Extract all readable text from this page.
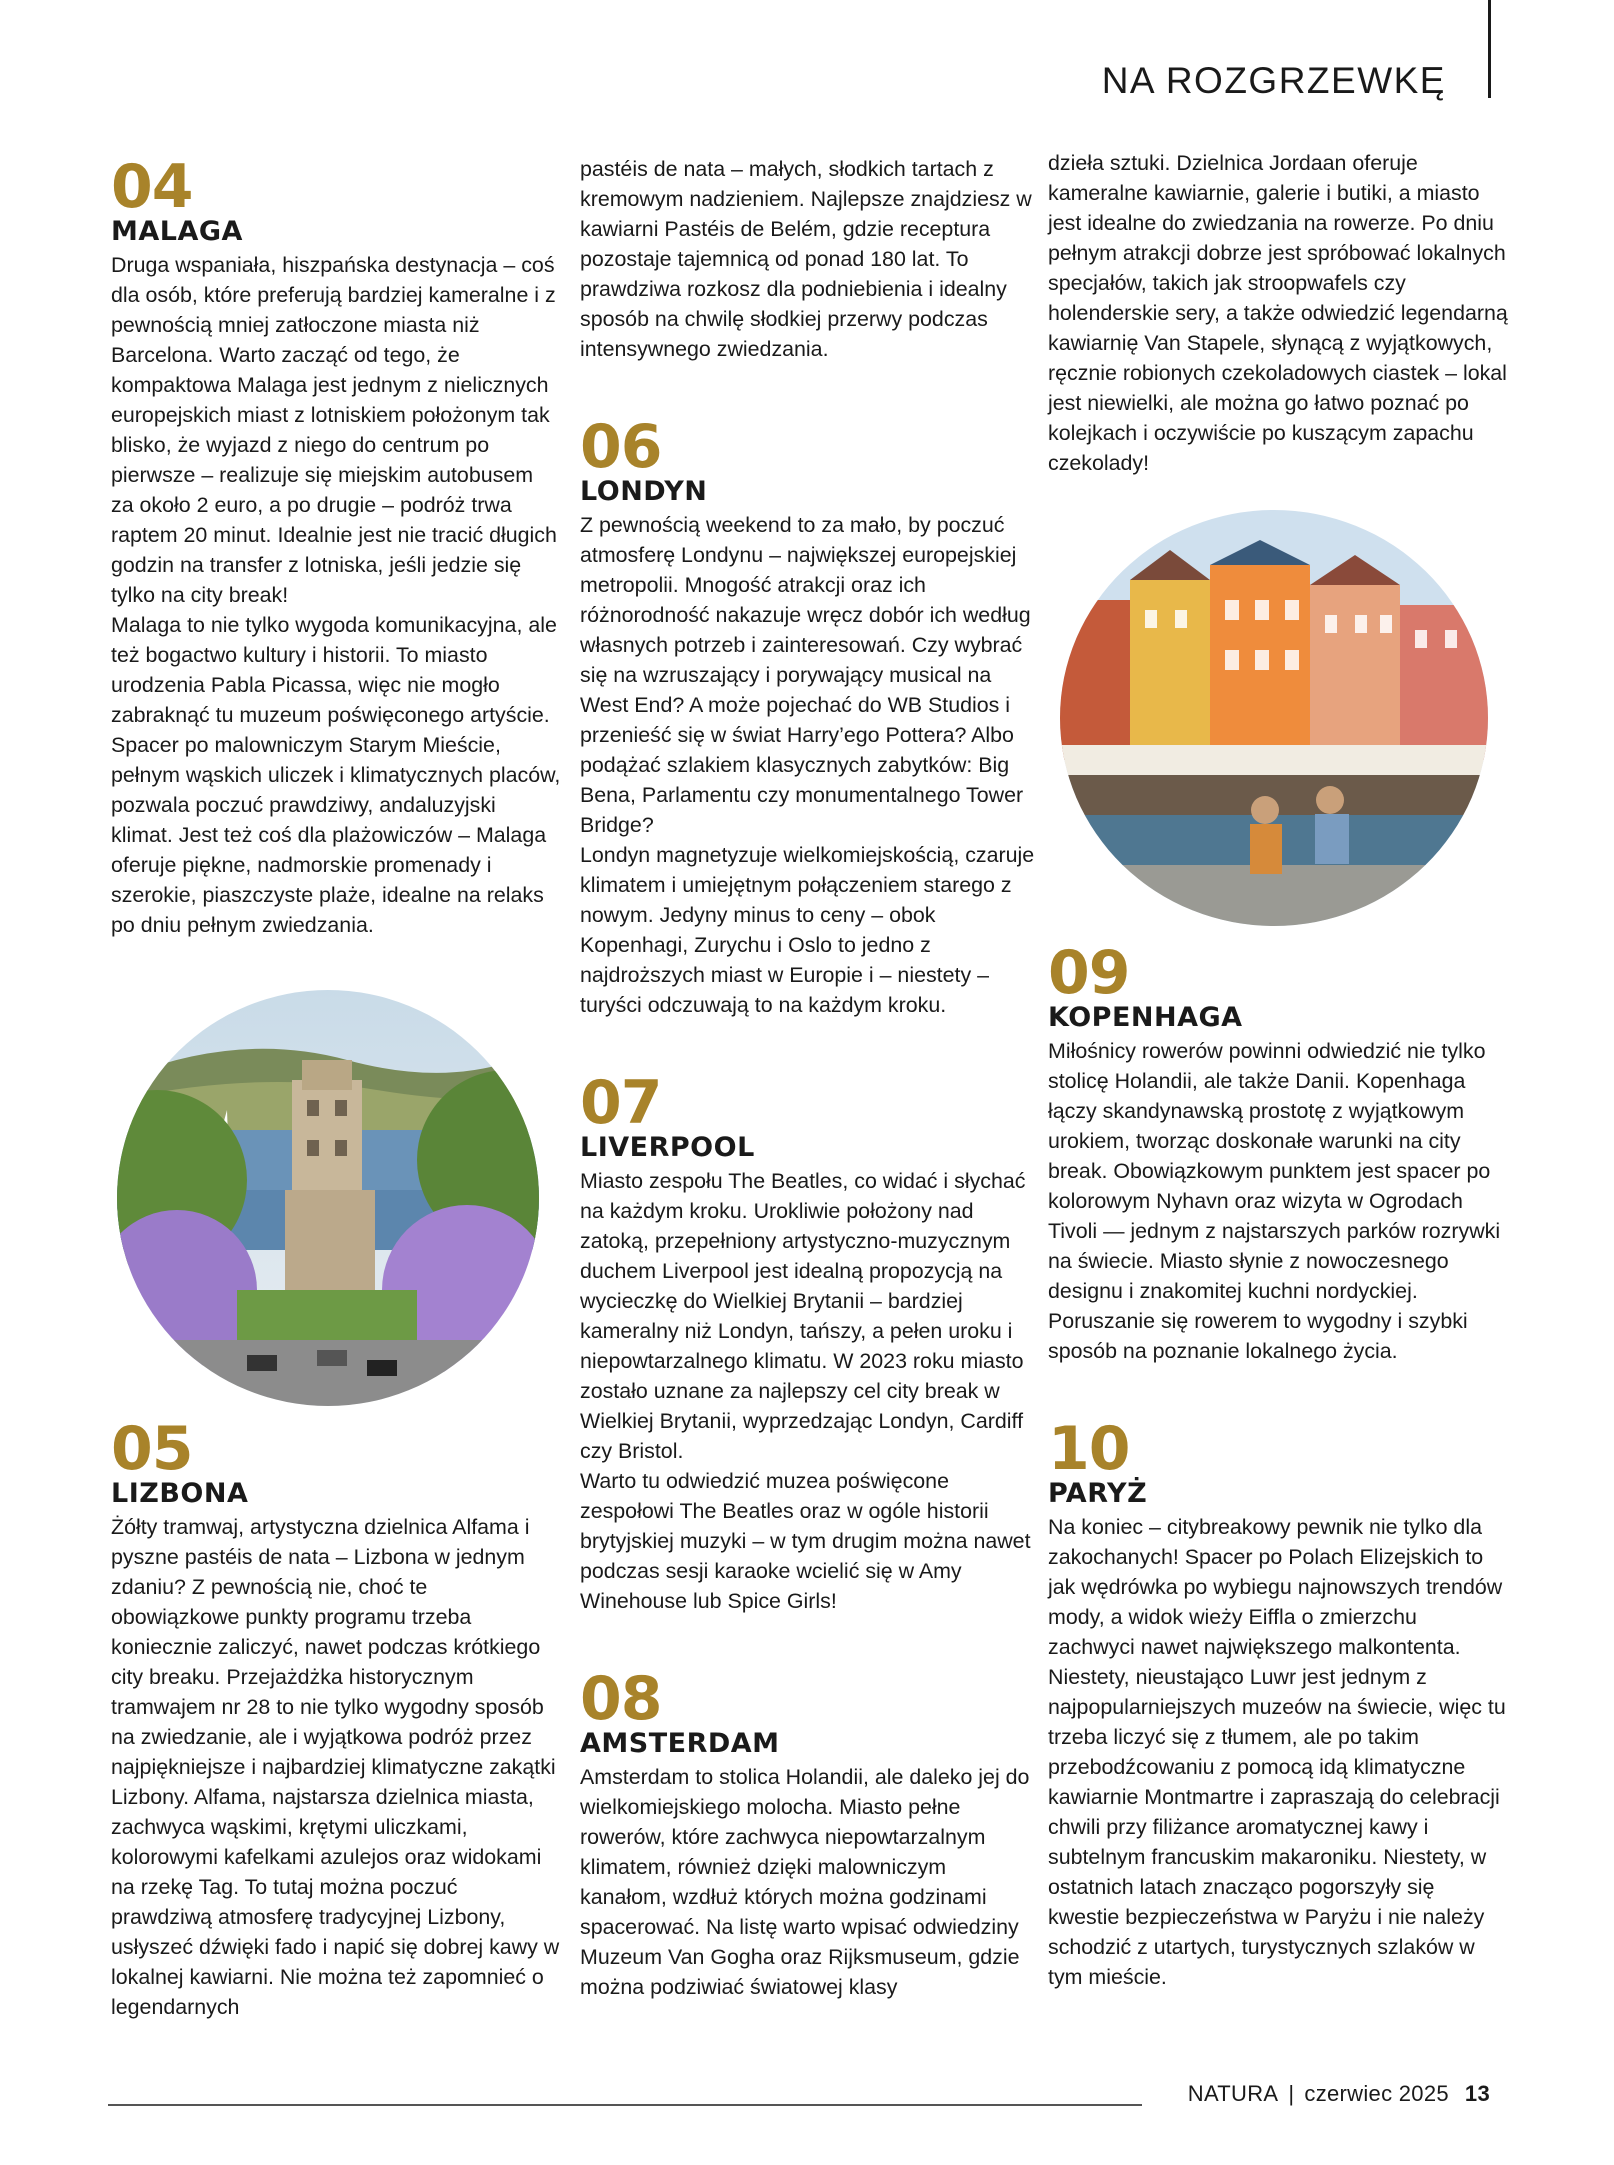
NA ROZGRZEWKĘ
04
MALAGA

Druga wspaniała, hiszpańska destynacja – coś dla osób, które preferują bardziej kameralne i z pewnością mniej zatłoczone miasta niż Barcelona. Warto zacząć od tego, że kompaktowa Malaga jest jednym z nielicznych europejskich miast z lotniskiem położonym tak blisko, że wyjazd z niego do centrum po pierwsze – realizuje się miejskim autobusem za około 2 euro, a po drugie – podróż trwa raptem 20 minut. Idealnie jest nie tracić długich godzin na transfer z lotniska, jeśli jedzie się tylko na city break!
Malaga to nie tylko wygoda komunikacyjna, ale też bogactwo kultury i historii. To miasto urodzenia Pabla Picassa, więc nie mogło zabraknąć tu muzeum poświęconego artyście. Spacer po malowniczym Starym Mieście, pełnym wąskich uliczek i klimatycznych placów, pozwala poczuć prawdziwy, andaluzyjski klimat. Jest też coś dla plażowiczów – Malaga oferuje piękne, nadmorskie promenady i szerokie, piaszczyste plaże, idealne na relaks po dniu pełnym zwiedzania.

05
LIZBONA

Żółty tramwaj, artystyczna dzielnica Alfama i pyszne pastéis de nata – Lizbona w jednym zdaniu? Z pewnością nie, choć te obowiązkowe punkty programu trzeba koniecznie zaliczyć, nawet podczas krótkiego city breaku. Przejażdżka historycznym tramwajem nr 28 to nie tylko wygodny sposób na zwiedzanie, ale i wyjątkowa podróż przez najpiękniejsze i najbardziej klimatyczne zakątki Lizbony. Alfama, najstarsza dzielnica miasta, zachwyca wąskimi, krętymi uliczkami, kolorowymi kafelkami azulejos oraz widokami na rzekę Tag. To tutaj można poczuć prawdziwą atmosferę tradycyjnej Lizbony, usłyszeć dźwięki fado i napić się dobrej kawy w lokalnej kawiarni. Nie można też zapomnieć o legendarnych

pastéis de nata – małych, słodkich tartach z kremowym nadzieniem. Najlepsze znajdziesz w kawiarni Pastéis de Belém, gdzie receptura pozostaje tajemnicą od ponad 180 lat. To prawdziwa rozkosz dla podniebienia i idealny sposób na chwilę słodkiej przerwy podczas intensywnego zwiedzania.

06
LONDYN

Z pewnością weekend to za mało, by poczuć atmosferę Londynu – największej europejskiej metropolii. Mnogość atrakcji oraz ich różnorodność nakazuje wręcz dobór ich według własnych potrzeb i zainteresowań. Czy wybrać się na wzruszający i porywający musical na West End? A może pojechać do WB Studios i przenieść się w świat Harry’ego Pottera? Albo podążać szlakiem klasycznych zabytków: Big Bena, Parlamentu czy monumentalnego Tower Bridge?
Londyn magnetyzuje wielkomiejskością, czaruje klimatem i umiejętnym połączeniem starego z nowym. Jedyny minus to ceny – obok Kopenhagi, Zurychu i Oslo to jedno z najdroższych miast w Europie i – niestety – turyści odczuwają to na każdym kroku.

07
LIVERPOOL

Miasto zespołu The Beatles, co widać i słychać na każdym kroku. Urokliwie położony nad zatoką, przepełniony artystyczno-muzycznym duchem Liverpool jest idealną propozycją na wycieczkę do Wielkiej Brytanii – bardziej kameralny niż Londyn, tańszy, a pełen uroku i niepowtarzalnego klimatu. W 2023 roku miasto zostało uznane za najlepszy cel city break w Wielkiej Brytanii, wyprzedzając Londyn, Cardiff czy Bristol.
Warto tu odwiedzić muzea poświęcone zespołowi The Beatles oraz w ogóle historii brytyjskiej muzyki – w tym drugim można nawet podczas sesji karaoke wcielić się w Amy Winehouse lub Spice Girls!

08
AMSTERDAM

Amsterdam to stolica Holandii, ale daleko jej do wielkomiejskiego molocha. Miasto pełne rowerów, które zachwyca niepowtarzalnym klimatem, również dzięki malowniczym kanałom, wzdłuż których można godzinami spacerować. Na listę warto wpisać odwiedziny Muzeum Van Gogha oraz Rijksmuseum, gdzie można podziwiać światowej klasy

dzieła sztuki. Dzielnica Jordaan oferuje kameralne kawiarnie, galerie i butiki, a miasto jest idealne do zwiedzania na rowerze. Po dniu pełnym atrakcji dobrze jest spróbować lokalnych specjałów, takich jak stroopwafels czy holenderskie sery, a także odwiedzić legendarną kawiarnię Van Stapele, słynącą z wyjątkowych, ręcznie robionych czekoladowych ciastek – lokal jest niewielki, ale można go łatwo poznać po kolejkach i oczywiście po kuszącym zapachu czekolady!

09
KOPENHAGA

Miłośnicy rowerów powinni odwiedzić nie tylko stolicę Holandii, ale także Danii. Kopenhaga łączy skandynawską prostotę z wyjątkowym urokiem, tworząc doskonałe warunki na city break. Obowiązkowym punktem jest spacer po kolorowym Nyhavn oraz wizyta w Ogrodach Tivoli — jednym z najstarszych parków rozrywki na świecie. Miasto słynie z nowoczesnego designu i znakomitej kuchni nordyckiej. Poruszanie się rowerem to wygodny i szybki sposób na poznanie lokalnego życia.

10
PARYŻ

Na koniec – citybreakowy pewnik nie tylko dla zakochanych! Spacer po Polach Elizejskich to jak wędrówka po wybiegu najnowszych trendów mody, a widok wieży Eiffla o zmierzchu zachwyci nawet największego malkontenta. Niestety, nieustająco Luwr jest jednym z najpopularniejszych muzeów na świecie, więc tu trzeba liczyć się z tłumem, ale po takim przebodźcowaniu z pomocą idą klimatyczne kawiarnie Montmartre i zapraszają do celebracji chwili przy filiżance aromatycznej kawy i subtelnym francuskim makaroniku. Niestety, w ostatnich latach znacząco pogorszyły się kwestie bezpieczeństwa w Paryżu i nie należy schodzić z utartych, turystycznych szlaków w tym mieście.

NATURA | czerwiec 2025 13
